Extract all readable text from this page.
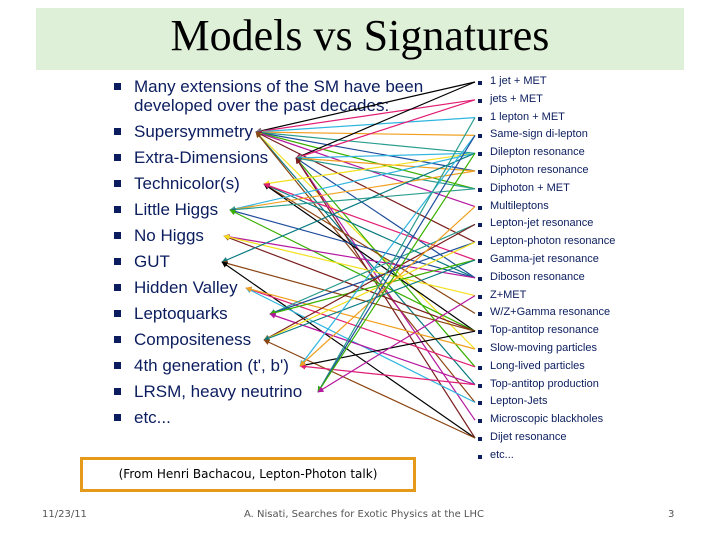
Models vs Signatures
Many extensions of the SM have been developed over the past decades:
Supersymmetry
Extra-Dimensions
Technicolor(s)
Little Higgs
No Higgs
GUT
Hidden Valley
Leptoquarks
Compositeness
4th generation (t', b')
LRSM, heavy neutrino
etc...
1 jet + MET
jets + MET
1 lepton + MET
Same-sign di-lepton
Dilepton resonance
Diphoton resonance
Diphoton + MET
Multileptons
Lepton-jet resonance
Lepton-photon resonance
Gamma-jet resonance
Diboson resonance
Z+MET
W/Z+Gamma resonance
Top-antitop resonance
Slow-moving particles
Long-lived particles
Top-antitop production
Lepton-Jets
Microscopic blackholes
Dijet resonance
etc...
(From Henri Bachacou, Lepton-Photon talk)
11/23/11	A. Nisati, Searches for Exotic Physics at the LHC	3
